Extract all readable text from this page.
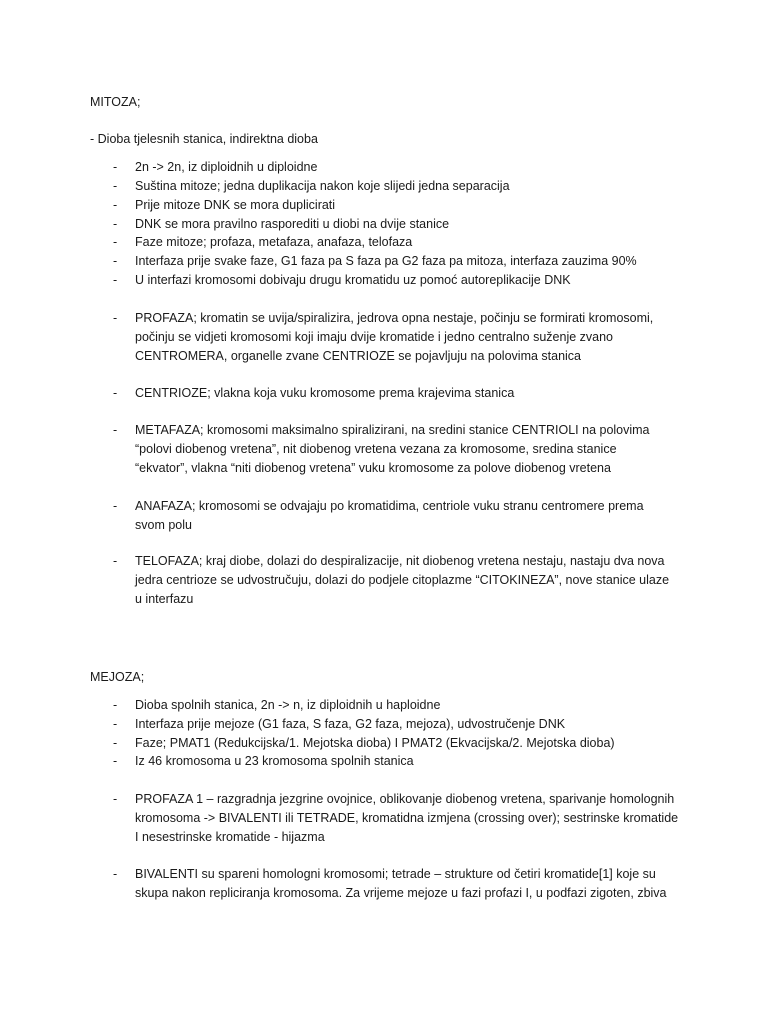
MITOZA;
- Dioba tjelesnih stanica, indirektna dioba
- 2n -> 2n, iz diploidnih u diploidne
- Suština mitoze; jedna duplikacija nakon koje slijedi jedna separacija
- Prije mitoze DNK se mora duplicirati
- DNK se mora pravilno rasporediti u diobi na dvije stanice
- Faze mitoze; profaza, metafaza, anafaza, telofaza
- Interfaza prije svake faze, G1 faza pa S faza pa G2 faza pa mitoza, interfaza zauzima 90%
- U interfazi kromosomi dobivaju drugu kromatidu uz pomoć autoreplikacije DNK
- PROFAZA; kromatin se uvija/spiralizira, jedrova opna nestaje, počinju se formirati kromosomi,
počinju se vidjeti kromosomi koji imaju dvije kromatide i jedno centralno suženje zvano
CENTROMERA, organelle zvane CENTRIOZE se pojavljuju na polovima stanica
- CENTRIOZE; vlakna koja vuku kromosome prema krajevima stanica
- METAFAZA; kromosomi maksimalno spiralizirani, na sredini stanice CENTRIOLI na polovima
“polovi diobenog vretena”, nit diobenog vretena vezana za kromosome, sredina stanice
“ekvator”, vlakna “niti diobenog vretena” vuku kromosome za polove diobenog vretena
- ANAFAZA; kromosomi se odvajaju po kromatidima, centriole vuku stranu centromere prema
svom polu
- TELOFAZA; kraj diobe, dolazi do despiralizacije, nit diobenog vretena nestaju, nastaju dva nova
jedra centrioze se udvostručuju, dolazi do podjele citoplazme “CITOKINEZA”, nove stanice ulaze
u interfazu
MEJOZA;
- Dioba spolnih stanica, 2n -> n, iz diploidnih u haploidne
- Interfaza prije mejoze (G1 faza, S faza, G2 faza, mejoza), udvostručenje DNK
- Faze; PMAT1 (Redukcijska/1. Mejotska dioba) I PMAT2 (Ekvacijska/2. Mejotska dioba)
- Iz 46 kromosoma u 23 kromosoma spolnih stanica
- PROFAZA 1 – razgradnja jezgrine ovojnice, oblikovanje diobenog vretena, sparivanje homolognih
kromosoma -> BIVALENTI ili TETRADE, kromatidna izmjena (crossing over); sestrinske kromatide
I nesestrinske kromatide - hijazma
- BIVALENTI su spareni homologni kromosomi; tetrade – strukture od četiri kromatide[1] koje su
skupa nakon repliciranja kromosoma. Za vrijeme mejoze u fazi profazi I, u podfazi zigoten, zbiva
